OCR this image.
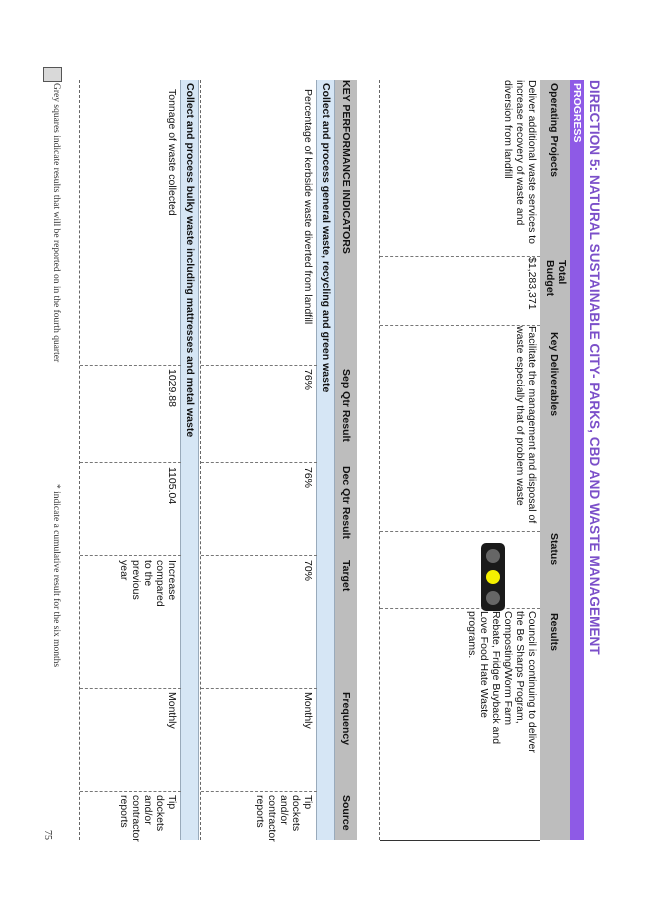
DIRECTION 5: NATURAL SUSTAINABLE CITY- PARKS, CBD AND WASTE MANAGEMENT
PROGRESS
Operating Projects
Total Budget
Key Deliverables
Status
Results
Deliver additional waste services to increase recovery of waste and diversion from landfill
$1,283,371
Facilitate the management and disposal of waste especially that of problem waste
Council is continuing to deliver the Be Sharps Program, Composting/Worm Farm Rebate, Fridge Buyback and Love Food Hate Waste programs.
KEY PERFORMANCE INDICATORS
Sep Qtr Result
Dec Qtr Result
Target
Frequency
Source
Collect and process general waste, recycling and green waste
Percentage of kerbside waste diverted from landfill
76%
76%
70%
Monthly
Tip dockets and/or contractor reports
Collect and process bulky waste including mattresses and metal waste
Tonnage of waste collected
1029.88
1105.04
Increase compared to the previous year
Monthly
Tip dockets and/or contractor reports
Grey squares indicate results that will be reported on in the fourth quarter
* indicate a cumulative result for the six months
75
